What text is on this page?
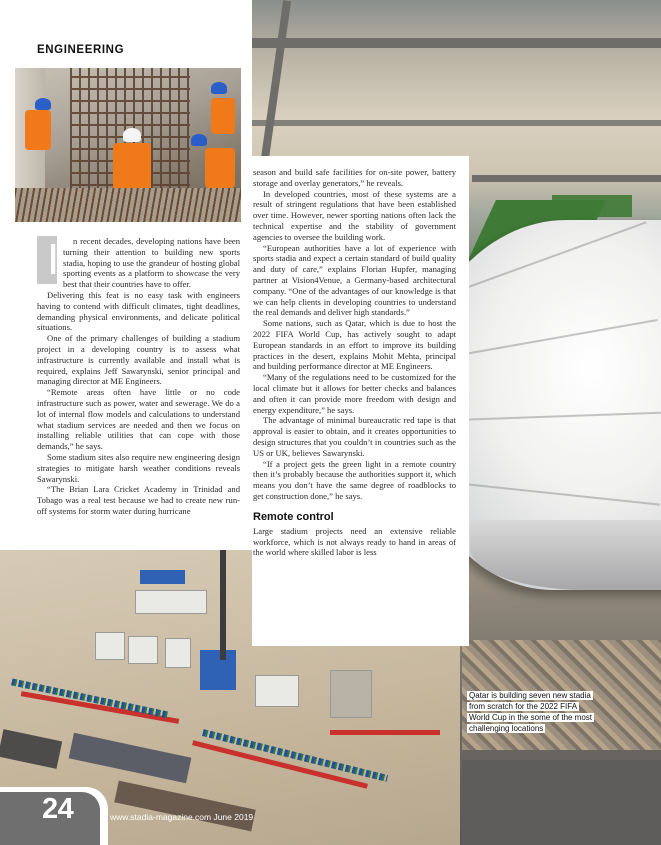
ENGINEERING

I n recent decades, developing nations have been turning their attention to building new sports stadia, hoping to use the grandeur of hosting global sporting events as a platform to showcase the very best that their countries have to offer.

Delivering this feat is no easy task with engineers having to contend with difficult climates, tight deadlines, demanding physical environments, and delicate political situations.

One of the primary challenges of building a stadium project in a developing country is to assess what infrastructure is currently available and install what is required, explains Jeff Sawarynski, senior principal and managing director at ME Engineers.

“Remote areas often have little or no code infrastructure such as power, water and sewerage. We do a lot of internal flow models and calculations to understand what stadium services are needed and then we focus on installing reliable utilities that can cope with those demands,” he says.

Some stadium sites also require new engineering design strategies to mitigate harsh weather conditions reveals Sawarynski.

“The Brian Lara Cricket Academy in Trinidad and Tobago was a real test because we had to create new run-off systems for storm water during hurricane

season and build safe facilities for on-site power, battery storage and overlay generators,” he reveals.

In developed countries, most of these systems are a result of stringent regulations that have been established over time. However, newer sporting nations often lack the technical expertise and the stability of government agencies to oversee the building work.

“European authorities have a lot of experience with sports stadia and expect a certain standard of build quality and duty of care,” explains Florian Hupfer, managing partner at Vision4Venue, a Germany-based architectural company. “One of the advantages of our knowledge is that we can help clients in developing countries to understand the real demands and deliver high standards.”

Some nations, such as Qatar, which is due to host the 2022 FIFA World Cup, has actively sought to adapt European standards in an effort to improve its building practices in the desert, explains Mohit Mehta, principal and building performance director at ME Engineers.

“Many of the regulations need to be customized for the local climate but it allows for better checks and balances and often it can provide more freedom with design and energy expenditure,” he says.

The advantage of minimal bureaucratic red tape is that approval is easier to obtain, and it creates opportunities to design structures that you couldn’t in countries such as the US or UK, believes Sawarynski.

“If a project gets the green light in a remote country then it’s probably because the authorities support it, which means you don’t have the same degree of roadblocks to get construction done,” he says.

Remote control

Large stadium projects need an extensive reliable workforce, which is not always ready to hand in areas of the world where skilled labor is less

Qatar is building seven new stadia from scratch for the 2022 FIFA World Cup in the some of the most challenging locations
24	www.stadia-magazine.com June 2019
